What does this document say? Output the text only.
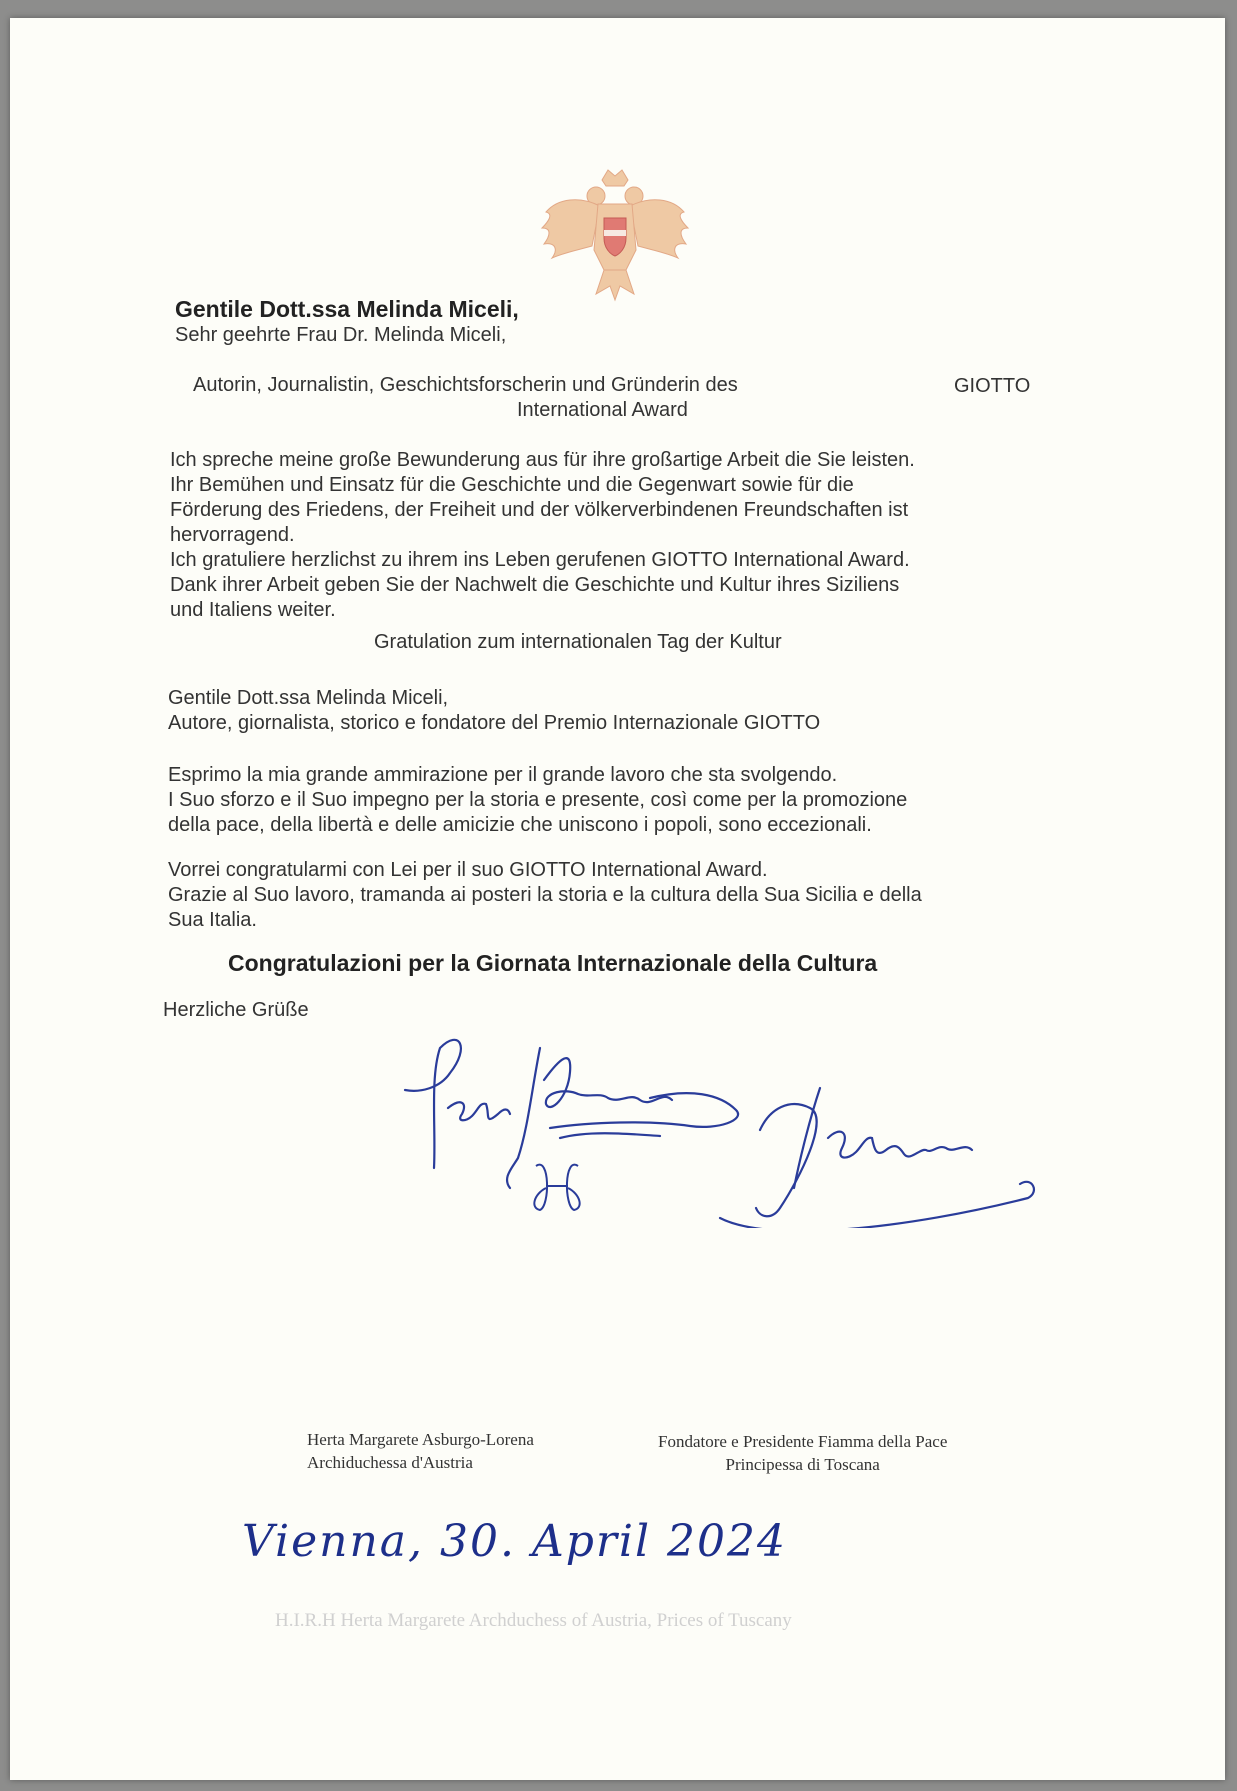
Gentile Dott.ssa Melinda Miceli,
Sehr geehrte Frau Dr. Melinda Miceli,
Autorin, Journalistin, Geschichtsforscherin und Gründerin des	GIOTTO
International Award
Ich spreche meine große Bewunderung aus für ihre großartige Arbeit die Sie leisten.
Ihr Bemühen und Einsatz für die Geschichte und die Gegenwart sowie für die
Förderung des Friedens, der Freiheit und der völkerverbindenen Freundschaften ist
hervorragend.
Ich gratuliere herzlichst zu ihrem ins Leben gerufenen GIOTTO International Award.
Dank ihrer Arbeit geben Sie der Nachwelt die Geschichte und Kultur ihres Siziliens
und Italiens weiter.
Gratulation zum internationalen Tag der Kultur
Gentile Dott.ssa Melinda Miceli,
Autore, giornalista, storico e fondatore del Premio Internazionale GIOTTO
Esprimo la mia grande ammirazione per il grande lavoro che sta svolgendo.
I Suo sforzo e il Suo impegno per la storia e presente, così come per la promozione
della pace, della libertà e delle amicizie che uniscono i popoli, sono eccezionali.
Vorrei congratularmi con Lei per il suo GIOTTO International Award.
Grazie al Suo lavoro, tramanda ai posteri la storia e la cultura della Sua Sicilia e della
Sua Italia.
Congratulazioni per la Giornata Internazionale della Cultura
Herzliche Grüße
Herta Margarete Asburgo-Lorena
Archiduchessa d'Austria
Fondatore e Presidente Fiamma della Pace
Principessa di Toscana
Vienna, 30. April 2024
H.I.R.H Herta Margarete Archduchess of Austria, Prices of Tuscany
